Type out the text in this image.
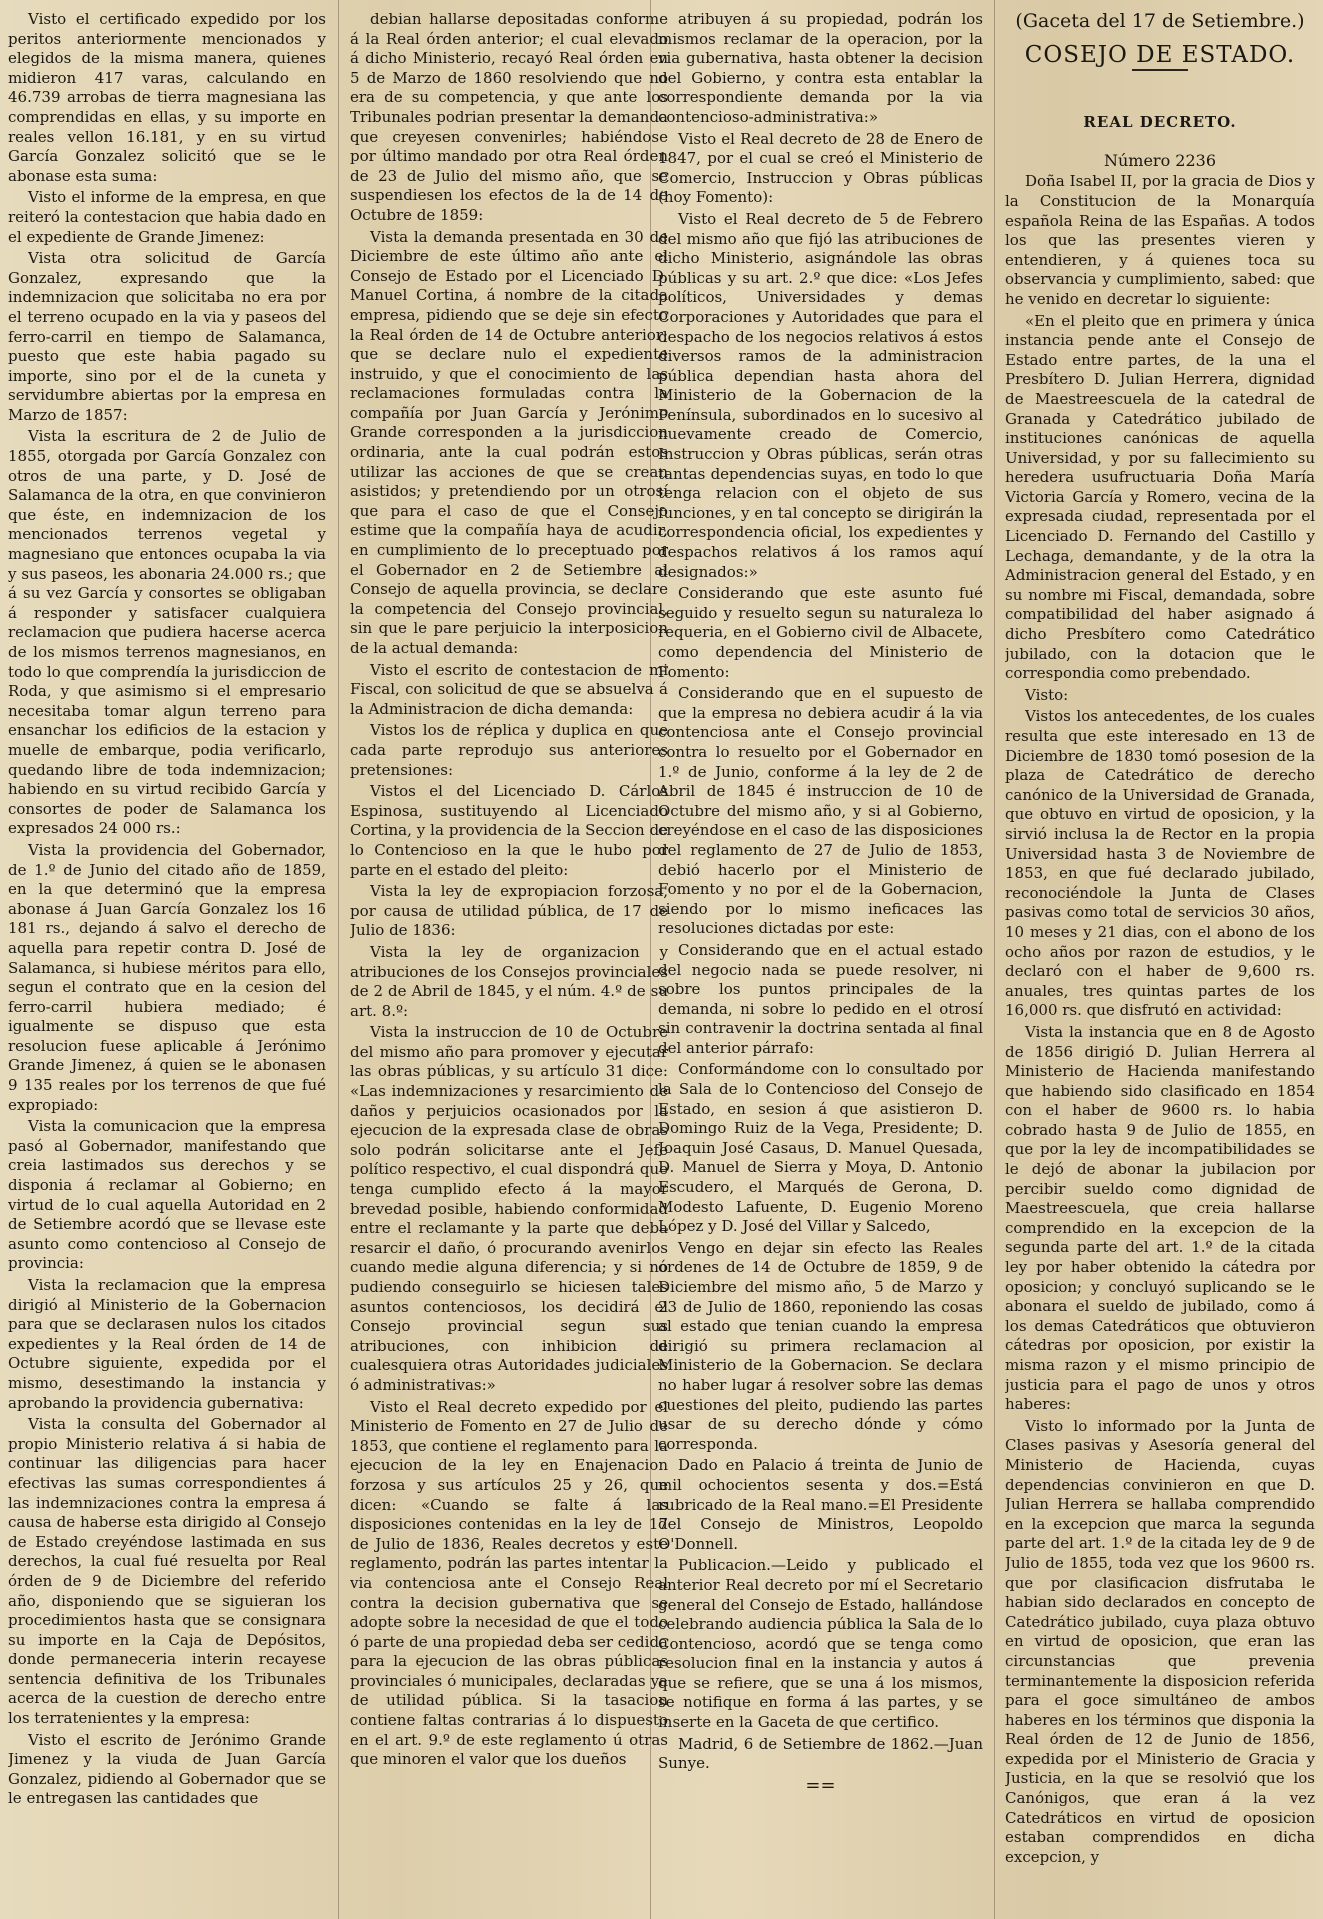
Visto el certificado expedido por los peritos anteriormente mencionados y elegidos de la misma manera, quienes midieron 417 varas, calculando en 46.739 arrobas de tierra magnesiana las comprendidas en ellas, y su importe en reales vellon 16.181, y en su virtud García Gonzalez solicitó que se le abonase esta suma:

Visto el informe de la empresa, en que reiteró la contestacion que habia dado en el expediente de Grande Jimenez:

Vista otra solicitud de García Gonzalez, expresando que la indemnizacion que solicitaba no era por el terreno ocupado en la via y paseos del ferro-carril en tiempo de Salamanca, puesto que este habia pagado su importe, sino por el de la cuneta y servidumbre abiertas por la empresa en Marzo de 1857:

Vista la escritura de 2 de Julio de 1855, otorgada por García Gonzalez con otros de una parte, y D. José de Salamanca de la otra, en que convinieron que éste, en indemnizacion de los mencionados terrenos vegetal y magnesiano que entonces ocupaba la via y sus paseos, les abonaria 24.000 rs.; que á su vez García y consortes se obligaban á responder y satisfacer cualquiera reclamacion que pudiera hacerse acerca de los mismos terrenos magnesianos, en todo lo que comprendía la jurisdiccion de Roda, y que asimismo si el empresario necesitaba tomar algun terreno para ensanchar los edificios de la estacion y muelle de embarque, podia verificarlo, quedando libre de toda indemnizacion; habiendo en su virtud recibido García y consortes de poder de Salamanca los expresados 24 000 rs.:

Vista la providencia del Gobernador, de 1.º de Junio del citado año de 1859, en la que determinó que la empresa abonase á Juan García Gonzalez los 16 181 rs., dejando á salvo el derecho de aquella para repetir contra D. José de Salamanca, si hubiese méritos para ello, segun el contrato que en la cesion del ferro-carril hubiera mediado; é igualmente se dispuso que esta resolucion fuese aplicable á Jerónimo Grande Jimenez, á quien se le abonasen 9 135 reales por los terrenos de que fué expropiado:

Vista la comunicacion que la empresa pasó al Gobernador, manifestando que creia lastimados sus derechos y se disponia á reclamar al Gobierno; en virtud de lo cual aquella Autoridad en 2 de Setiembre acordó que se llevase este asunto como contencioso al Consejo de provincia:

Vista la reclamacion que la empresa dirigió al Ministerio de la Gobernacion para que se declarasen nulos los citados expedientes y la Real órden de 14 de Octubre siguiente, expedida por el mismo, desestimando la instancia y aprobando la providencia gubernativa:

Vista la consulta del Gobernador al propio Ministerio relativa á si habia de continuar las diligencias para hacer efectivas las sumas correspondientes á las indemnizaciones contra la empresa á causa de haberse esta dirigido al Consejo de Estado creyéndose lastimada en sus derechos, la cual fué resuelta por Real órden de 9 de Diciembre del referido año, disponiendo que se siguieran los procedimientos hasta que se consignara su importe en la Caja de Depósitos, donde permaneceria interin recayese sentencia definitiva de los Tribunales acerca de la cuestion de derecho entre los terratenientes y la empresa:

Visto el escrito de Jerónimo Grande Jimenez y la viuda de Juan García Gonzalez, pidiendo al Gobernador que se le entregasen las cantidades que

debian hallarse depositadas conforme á la Real órden anterior; el cual elevado á dicho Ministerio, recayó Real órden en 5 de Marzo de 1860 resolviendo que no era de su competencia, y que ante los Tribunales podrian presentar la demanda que creyesen convenirles; habiéndose por último mandado por otra Real órden de 23 de Julio del mismo año, que se suspendiesen los efectos de la de 14 de Octubre de 1859:

Vista la demanda presentada en 30 de Diciembre de este último año ante el Consejo de Estado por el Licenciado D. Manuel Cortina, á nombre de la citada empresa, pidiendo que se deje sin efecto la Real órden de 14 de Octubre anterior; que se declare nulo el expediente instruido, y que el conocimiento de las reclamaciones formuladas contra la compañía por Juan García y Jerónimo Grande corresponden a la jurisdiccion ordinaria, ante la cual podrán estos utilizar las acciones de que se crean asistidos; y pretendiendo por un otrosí que para el caso de que el Consejo estime que la compañía haya de acudir, en cumplimiento de lo preceptuado por el Gobernador en 2 de Setiembre al Consejo de aquella provincia, se declare la competencia del Consejo provincial, sin que le pare perjuicio la interposicion de la actual demanda:

Visto el escrito de contestacion de mi Fiscal, con solicitud de que se absuelva á la Administracion de dicha demanda:

Vistos los de réplica y duplica en que cada parte reprodujo sus anteriores pretensiones:

Vistos el del Licenciado D. Cárlos Espinosa, sustituyendo al Licenciado Cortina, y la providencia de la Seccion de lo Contencioso en la que le hubo por parte en el estado del pleito:

Vista la ley de expropiacion forzosa, por causa de utilidad pública, de 17 de Julio de 1836:

Vista la ley de organizacion y atribuciones de los Consejos provinciales de 2 de Abril de 1845, y el núm. 4.º de su art. 8.º:

Vista la instruccion de 10 de Octubre del mismo año para promover y ejecutar las obras públicas, y su artículo 31 dice: «Las indemnizaciones y resarcimiento de daños y perjuicios ocasionados por la ejecucion de la expresada clase de obras solo podrán solicitarse ante el Jefe político respectivo, el cual dispondrá que tenga cumplido efecto á la mayor brevedad posible, habiendo conformidad entre el reclamante y la parte que deba resarcir el daño, ó procurando avenirlos cuando medie alguna diferencia; y si no pudiendo conseguirlo se hiciesen tales asuntos contenciosos, los decidirá el Consejo provincial segun sus atribuciones, con inhibicion de cualesquiera otras Autoridades judiciales ó administrativas:»

Visto el Real decreto expedido por el Ministerio de Fomento en 27 de Julio de 1853, que contiene el reglamento para la ejecucion de la ley en Enajenacion forzosa y sus artículos 25 y 26, que dicen: «Cuando se falte á las disposiciones contenidas en la ley de 17 de Julio de 1836, Reales decretos y este reglamento, podrán las partes intentar la via contenciosa ante el Consejo Real contra la decision gubernativa que se adopte sobre la necesidad de que el todo ó parte de una propiedad deba ser cedida para la ejecucion de las obras públicas provinciales ó municipales, declaradas ya de utilidad pública. Si la tasacion contiene faltas contrarias á lo dispuesto en el art. 9.º de este reglamento ú otras que minoren el valor que los dueños

atribuyen á su propiedad, podrán los mismos reclamar de la operacion, por la via gubernativa, hasta obtener la decision del Gobierno, y contra esta entablar la correspondiente demanda por la via contencioso-administrativa:»

Visto el Real decreto de 28 de Enero de 1847, por el cual se creó el Ministerio de Comercio, Instruccion y Obras públicas (hoy Fomento):

Visto el Real decreto de 5 de Febrero del mismo año que fijó las atribuciones de dicho Ministerio, asignándole las obras públicas y su art. 2.º que dice: «Los Jefes políticos, Universidades y demas Corporaciones y Autoridades que para el despacho de los negocios relativos á estos diversos ramos de la administracion pública dependian hasta ahora del Ministerio de la Gobernacion de la Península, subordinados en lo sucesivo al nuevamente creado de Comercio, Instruccion y Obras públicas, serán otras tantas dependencias suyas, en todo lo que tenga relacion con el objeto de sus funciones, y en tal concepto se dirigirán la correspondencia oficial, los expedientes y despachos relativos á los ramos aquí designados:»

Considerando que este asunto fué seguido y resuelto segun su naturaleza lo requeria, en el Gobierno civil de Albacete, como dependencia del Ministerio de Fomento:

Considerando que en el supuesto de que la empresa no debiera acudir á la via contenciosa ante el Consejo provincial contra lo resuelto por el Gobernador en 1.º de Junio, conforme á la ley de 2 de Abril de 1845 é instruccion de 10 de Octubre del mismo año, y si al Gobierno, creyéndose en el caso de las disposiciones del reglamento de 27 de Julio de 1853, debió hacerlo por el Ministerio de Fomento y no por el de la Gobernacion, siendo por lo mismo ineficaces las resoluciones dictadas por este:

Considerando que en el actual estado del negocio nada se puede resolver, ni sobre los puntos principales de la demanda, ni sobre lo pedido en el otrosí sin contravenir la doctrina sentada al final del anterior párrafo:

Conformándome con lo consultado por la Sala de lo Contencioso del Consejo de Estado, en sesion á que asistieron D. Domingo Ruiz de la Vega, Presidente; D. Joaquin José Casaus, D. Manuel Quesada, D. Manuel de Sierra y Moya, D. Antonio Escudero, el Marqués de Gerona, D. Modesto Lafuente, D. Eugenio Moreno López y D. José del Villar y Salcedo,

Vengo en dejar sin efecto las Reales órdenes de 14 de Octubre de 1859, 9 de Diciembre del mismo año, 5 de Marzo y 23 de Julio de 1860, reponiendo las cosas al estado que tenian cuando la empresa dirigió su primera reclamacion al Ministerio de la Gobernacion. Se declara no haber lugar á resolver sobre las demas cuestiones del pleito, pudiendo las partes usar de su derecho dónde y cómo corresponda.

Dado en Palacio á treinta de Junio de mil ochocientos sesenta y dos.=Está rubricado de la Real mano.=El Presidente del Consejo de Ministros, Leopoldo O'Donnell.

Publicacion.—Leido y publicado el anterior Real decreto por mí el Secretario general del Consejo de Estado, hallándose celebrando audiencia pública la Sala de lo Contencioso, acordó que se tenga como resolucion final en la instancia y autos á que se refiere, que se una á los mismos, se notifique en forma á las partes, y se inserte en la Gaceta de que certifico.

Madrid, 6 de Setiembre de 1862.—Juan Sunye.

==
(Gaceta del 17 de Setiembre.)
COSEJO DE ESTADO.
REAL DECRETO.
Número 2236

Doña Isabel II, por la gracia de Dios y la Constitucion de la Monarquía española Reina de las Españas. A todos los que las presentes vieren y entendieren, y á quienes toca su observancia y cumplimiento, sabed: que he venido en decretar lo siguiente:

«En el pleito que en primera y única instancia pende ante el Consejo de Estado entre partes, de la una el Presbítero D. Julian Herrera, dignidad de Maestreescuela de la catedral de Granada y Catedrático jubilado de instituciones canónicas de aquella Universidad, y por su fallecimiento su heredera usufructuaria Doña María Victoria García y Romero, vecina de la expresada ciudad, representada por el Licenciado D. Fernando del Castillo y Lechaga, demandante, y de la otra la Administracion general del Estado, y en su nombre mi Fiscal, demandada, sobre compatibilidad del haber asignado á dicho Presbítero como Catedrático jubilado, con la dotacion que le correspondia como prebendado.

Visto:

Vistos los antecedentes, de los cuales resulta que este interesado en 13 de Diciembre de 1830 tomó posesion de la plaza de Catedrático de derecho canónico de la Universidad de Granada, que obtuvo en virtud de oposicion, y la sirvió inclusa la de Rector en la propia Universidad hasta 3 de Noviembre de 1853, en que fué declarado jubilado, reconociéndole la Junta de Clases pasivas como total de servicios 30 años, 10 meses y 21 dias, con el abono de los ocho años por razon de estudios, y le declaró con el haber de 9,600 rs. anuales, tres quintas partes de los 16,000 rs. que disfrutó en actividad:

Vista la instancia que en 8 de Agosto de 1856 dirigió D. Julian Herrera al Ministerio de Hacienda manifestando que habiendo sido clasificado en 1854 con el haber de 9600 rs. lo habia cobrado hasta 9 de Julio de 1855, en que por la ley de incompatibilidades se le dejó de abonar la jubilacion por percibir sueldo como dignidad de Maestreescuela, que creia hallarse comprendido en la excepcion de la segunda parte del art. 1.º de la citada ley por haber obtenido la cátedra por oposicion; y concluyó suplicando se le abonara el sueldo de jubilado, como á los demas Catedráticos que obtuvieron cátedras por oposicion, por existir la misma razon y el mismo principio de justicia para el pago de unos y otros haberes:

Visto lo informado por la Junta de Clases pasivas y Asesoría general del Ministerio de Hacienda, cuyas dependencias convinieron en que D. Julian Herrera se hallaba comprendido en la excepcion que marca la segunda parte del art. 1.º de la citada ley de 9 de Julio de 1855, toda vez que los 9600 rs. que por clasificacion disfrutaba le habian sido declarados en concepto de Catedrático jubilado, cuya plaza obtuvo en virtud de oposicion, que eran las circunstancias que prevenia terminantemente la disposicion referida para el goce simultáneo de ambos haberes en los términos que disponia la Real órden de 12 de Junio de 1856, expedida por el Ministerio de Gracia y Justicia, en la que se resolvió que los Canónigos, que eran á la vez Catedráticos en virtud de oposicion estaban comprendidos en dicha excepcion, y
